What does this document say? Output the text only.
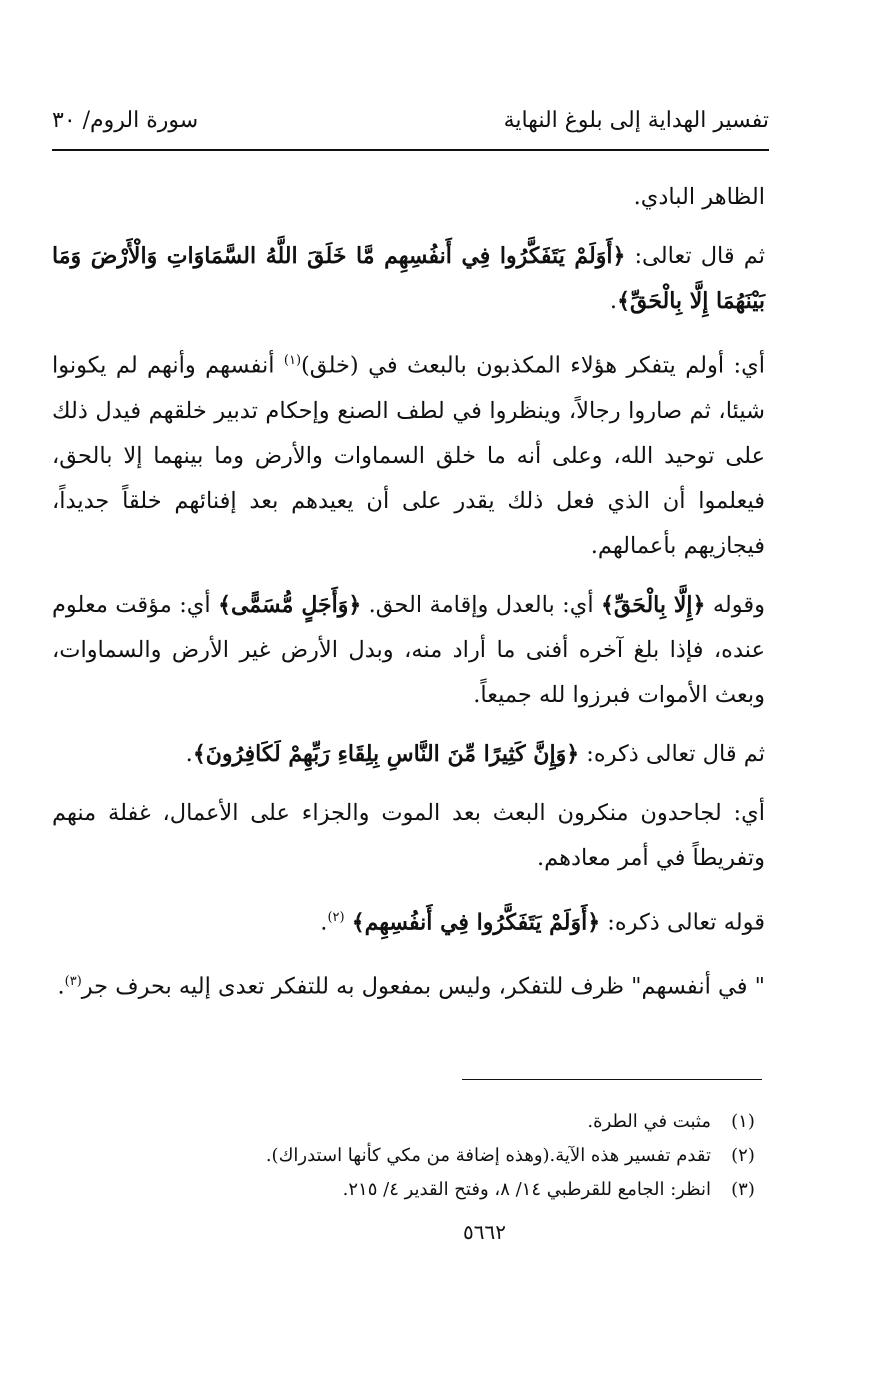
تفسير الهداية إلى بلوغ النهاية
سورة الروم/ ٣٠

الظاهر البادي.

ثم قال تعالى: ﴿أَوَلَمْ يَتَفَكَّرُوا فِي أَنفُسِهِم مَّا خَلَقَ اللَّهُ السَّمَاوَاتِ وَالْأَرْضَ وَمَا بَيْنَهُمَا إِلَّا بِالْحَقِّ﴾.

أي: أولم يتفكر هؤلاء المكذبون بالبعث في (خلق)$^{(١)}$ أنفسهم وأنهم لم يكونوا شيئا، ثم صاروا رجالاً، وينظروا في لطف الصنع وإحكام تدبير خلقهم فيدل ذلك على توحيد الله، وعلى أنه ما خلق السماوات والأرض وما بينهما إلا بالحق، فيعلموا أن الذي فعل ذلك يقدر على أن يعيدهم بعد إفنائهم خلقاً جديداً، فيجازيهم بأعمالهم.

وقوله ﴿إِلَّا بِالْحَقِّ﴾ أي: بالعدل وإقامة الحق. ﴿وَأَجَلٍ مُّسَمًّى﴾ أي: مؤقت معلوم عنده، فإذا بلغ آخره أفنى ما أراد منه، وبدل الأرض غير الأرض والسماوات، وبعث الأموات فبرزوا لله جميعاً.

ثم قال تعالى ذكره: ﴿وَإِنَّ كَثِيرًا مِّنَ النَّاسِ بِلِقَاءِ رَبِّهِمْ لَكَافِرُونَ﴾.

أي: لجاحدون منكرون البعث بعد الموت والجزاء على الأعمال، غفلة منهم وتفريطاً في أمر معادهم.

قوله تعالى ذكره: ﴿أَوَلَمْ يَتَفَكَّرُوا فِي أَنفُسِهِم﴾ $^{(٢)}$.

" في أنفسهم" ظرف للتفكر، وليس بمفعول به للتفكر تعدى إليه بحرف جر$^{(٣)}$.

(١)
مثبت في الطرة.
(٢)
تقدم تفسير هذه الآية.(وهذه إضافة من مكي كأنها استدراك).
(٣)
انظر: الجامع للقرطبي ١٤/ ٨، وفتح القدير ٤/ ٢١٥.
٥٦٦٢
